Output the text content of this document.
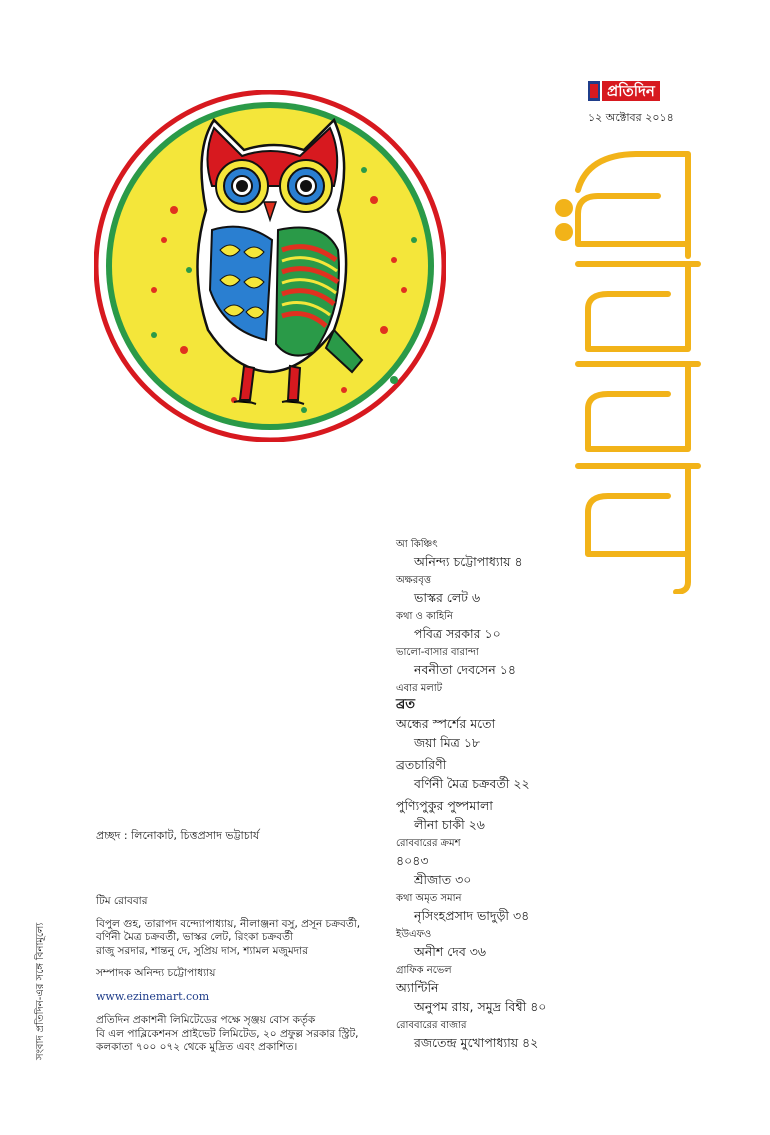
প্রতিদিন
১২ অক্টোবর ২০১৪
আ কিঞ্চিৎ
অনিন্দ্য চট্টোপাধ্যায় ৪
অক্ষরবৃত্ত
ভাস্কর লেট ৬
কথা ও কাহিনি
পবিত্র সরকার ১০
ভালো-বাসার বারান্দা
নবনীতা দেবসেন ১৪
এবার মলাট
ব্রত
অন্ধের স্পর্শের মতো
জয়া মিত্র ১৮
ব্রতচারিণী
বর্ণিনী মৈত্র চক্রবর্তী ২২
পুণ্যিপুকুর পুষ্পমালা
লীনা চাকী ২৬
রোববারের ক্রমশ
৪০৪৩
শ্রীজাত ৩০
কথা অমৃত সমান
নৃসিংহপ্রসাদ ভাদুড়ী ৩৪
ইউএফও
অনীশ দেব ৩৬
গ্রাফিক নভেল
অ্যান্টিনি
অনুপম রায়, সমুদ্র বিশ্বী ৪০
রোববারের বাজার
রজতেন্দ্র মুখোপাধ্যায় ৪২
প্রচ্ছদ : লিনোকাট, চিত্তপ্রসাদ ভট্টাচার্য
টিম রোববার
বিপুল গুহ, তারাপদ বন্দ্যোপাধ্যায়, নীলাঞ্জনা বসু, প্রসূন চক্রবর্তী,
বর্ণিনী মৈত্র চক্রবর্তী, ভাস্কর লেট, রিংকা চক্রবর্তী
রাজু সরদার, শান্তনু দে, সুপ্রিয় দাস, শ্যামল মজুমদার
সম্পাদক অনিন্দ্য চট্টোপাধ্যায়
www.ezinemart.com
প্রতিদিন প্রকাশনী লিমিটেডের পক্ষে সৃঞ্জয় বোস কর্তৃক
বি এল পাব্লিকেশনস প্রাইভেট লিমিটেড, ২০ প্রফুল্ল সরকার স্ট্রিট,
কলকাতা ৭০০ ০৭২ থেকে মুদ্রিত এবং প্রকাশিত।
সংবাদ প্রতিদিন-এর সঙ্গে বিনামূল্যে
